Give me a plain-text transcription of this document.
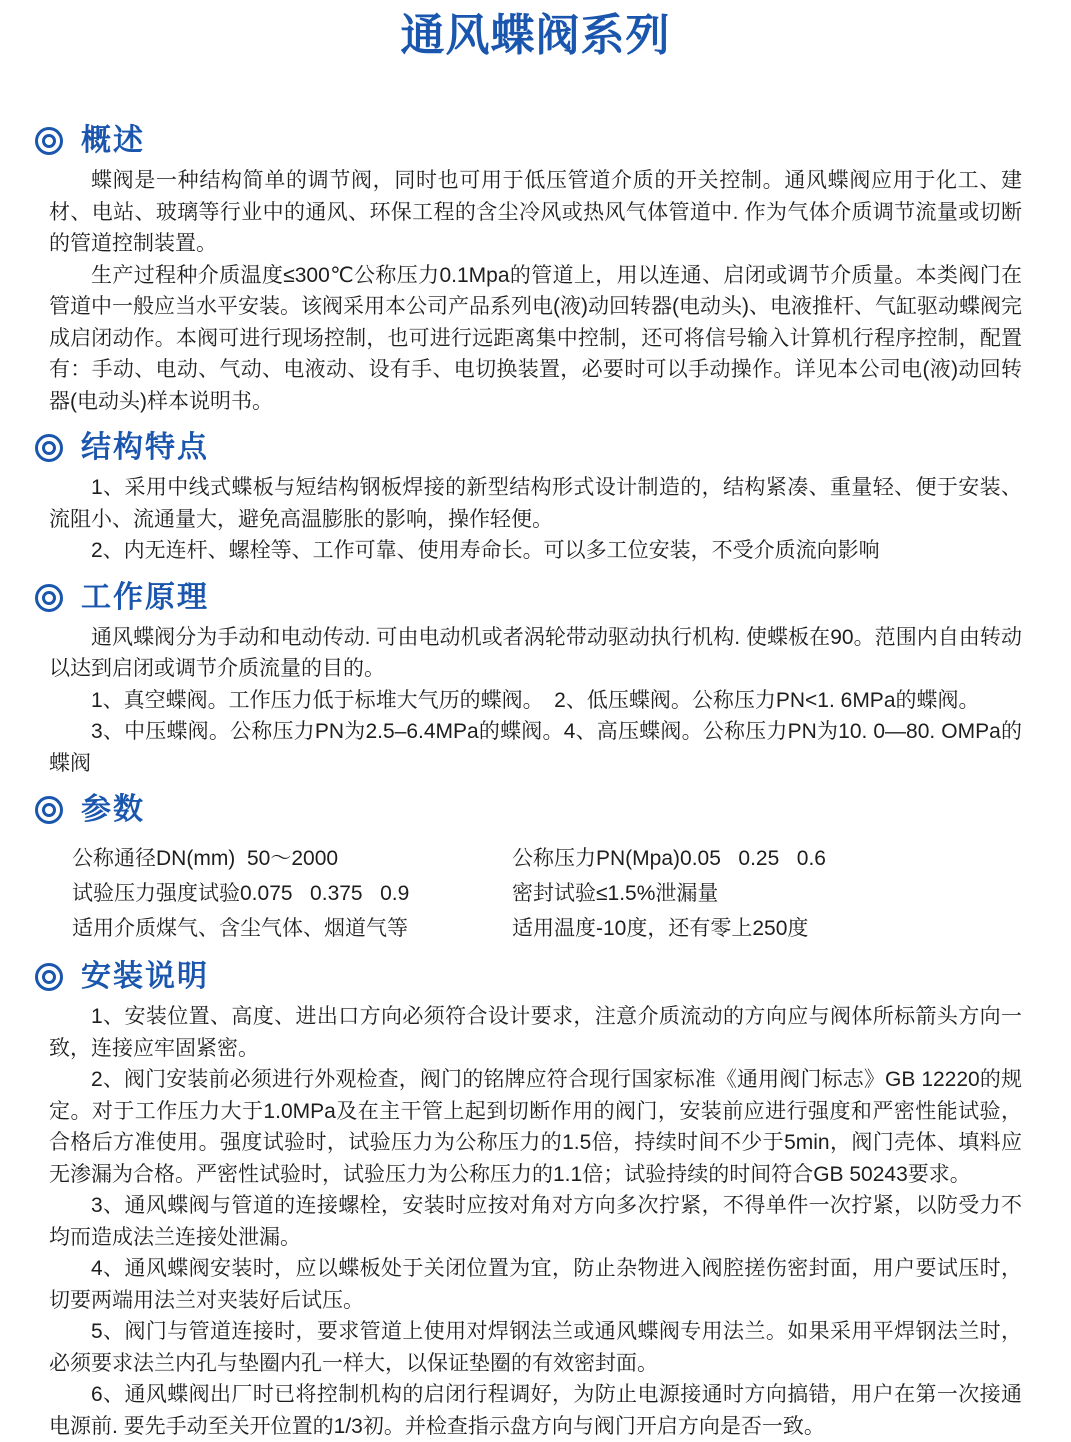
通风蝶阀系列
概述

蝶阀是一种结构简单的调节阀，同时也可用于低压管道介质的开关控制。通风蝶阀应用于化工、建材、电站、玻璃等行业中的通风、环保工程的含尘冷风或热风气体管道中. 作为气体介质调节流量或切断的管道控制装置。

生产过程种介质温度≤300℃公称压力0.1Mpa的管道上，用以连通、启闭或调节介质量。本类阀门在管道中一般应当水平安装。该阀采用本公司产品系列电(液)动回转器(电动头)、电液推杆、气缸驱动蝶阀完成启闭动作。本阀可进行现场控制，也可进行远距离集中控制，还可将信号输入计算机行程序控制，配置有：手动、电动、气动、电液动、设有手、电切换装置，必要时可以手动操作。详见本公司电(液)动回转器(电动头)样本说明书。

结构特点

1、采用中线式蝶板与短结构钢板焊接的新型结构形式设计制造的，结构紧凑、重量轻、便于安装、流阻小、流通量大，避免高温膨胀的影响，操作轻便。

2、内无连杆、螺栓等、工作可靠、使用寿命长。可以多工位安装，不受介质流向影响

工作原理

通风蝶阀分为手动和电动传动. 可由电动机或者涡轮带动驱动执行机构. 使蝶板在90。范围内自由转动以达到启闭或调节介质流量的目的。

1、真空蝶阀。工作压力低于标堆大气历的蝶阀。　2、低压蝶阀。公称压力PN<1. 6MPa的蝶阀。

3、中压蝶阀。公称压力PN为2.5–6.4MPa的蝶阀。4、高压蝶阀。公称压力PN为10. 0—80. OMPa的蝶阀

参数
公称通径DN(mm)  50～2000
试验压力强度试验0.075   0.375   0.9
适用介质煤气、含尘气体、烟道气等
公称压力PN(Mpa)0.05   0.25   0.6
密封试验≤1.5%泄漏量
适用温度-10度，还有零上250度
安装说明

1、安装位置、高度、进出口方向必须符合设计要求，注意介质流动的方向应与阀体所标箭头方向一致，连接应牢固紧密。

2、阀门安装前必须进行外观检查，阀门的铭牌应符合现行国家标准《通用阀门标志》GB 12220的规定。对于工作压力大于1.0MPa及在主干管上起到切断作用的阀门，安装前应进行强度和严密性能试验，合格后方准使用。强度试验时，试验压力为公称压力的1.5倍，持续时间不少于5min，阀门壳体、填料应无渗漏为合格。严密性试验时，试验压力为公称压力的1.1倍；试验持续的时间符合GB 50243要求。

3、通风蝶阀与管道的连接螺栓，安装时应按对角对方向多次拧紧，不得单件一次拧紧，以防受力不均而造成法兰连接处泄漏。

4、通风蝶阀安装时，应以蝶板处于关闭位置为宜，防止杂物进入阀腔搓伤密封面，用户要试压时，切要两端用法兰对夹装好后试压。

5、阀门与管道连接时，要求管道上使用对焊钢法兰或通风蝶阀专用法兰。如果采用平焊钢法兰时，必须要求法兰内孔与垫圈内孔一样大，以保证垫圈的有效密封面。

6、通风蝶阀出厂时已将控制机构的启闭行程调好，为防止电源接通时方向搞错，用户在第一次接通电源前. 要先手动至关开位置的1/3初。并检查指示盘方向与阀门开启方向是否一致。
